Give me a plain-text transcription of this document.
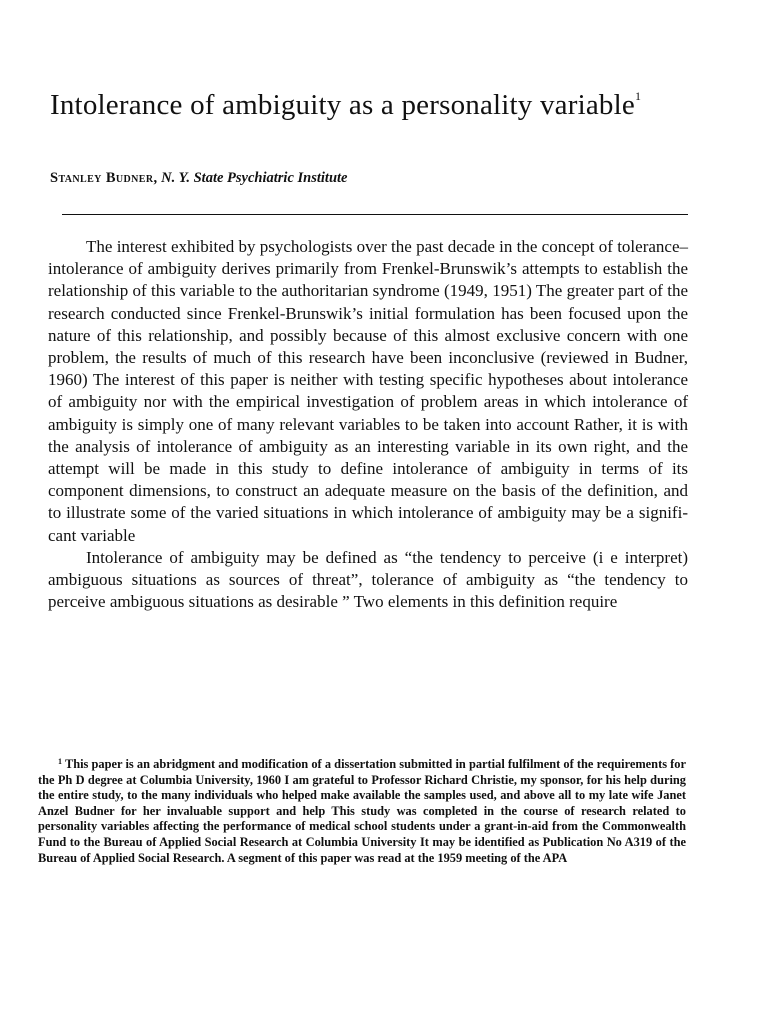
Intolerance of ambiguity as a personality variable$^1$
Stanley Budner, N. Y. State Psychiatric Institute

The interest exhibited by psychologists over the past decade in the concept of tolerance–intolerance of ambiguity derives primarily from Frenkel-Brunswik’s attempts to establish the relationship of this variable to the authoritarian syndrome (1949, 1951) The greater part of the research conducted since Frenkel-Brunswik’s initial formulation has been focused upon the nature of this relationship, and possibly because of this almost exclusive concern with one problem, the results of much of this research have been inconclusive (reviewed in Budner, 1960) The interest of this paper is neither with testing specific hypotheses about intolerance of ambiguity nor with the empirical investigation of problem areas in which intolerance of ambiguity is simply one of many relevant variables to be taken into account Rather, it is with the analysis of intolerance of ambiguity as an interesting variable in its own right, and the attempt will be made in this study to define intolerance of ambiguity in terms of its component dimensions, to construct an adequate measure on the basis of the definition, and to illustrate some of the varied situations in which intolerance of ambiguity may be a significant variable

Intolerance of ambiguity may be defined as “the tendency to perceive (i e interpret) ambiguous situations as sources of threat”, tolerance of ambiguity as “the tendency to perceive ambiguous situations as desirable ” Two elements in this definition require

$^1$ This paper is an abridgment and modification of a dissertation submitted in partial fulfilment of the requirements for the Ph D degree at Columbia University, 1960 I am grateful to Professor Richard Christie, my sponsor, for his help during the entire study, to the many individuals who helped make available the samples used, and above all to my late wife Janet Anzel Budner for her invaluable support and help This study was completed in the course of research related to personality variables affecting the performance of medical school students under a grant-in-aid from the Commonwealth Fund to the Bureau of Applied Social Research at Columbia University It may be identified as Publication No A319 of the Bureau of Applied Social Research. A segment of this paper was read at the 1959 meeting of the APA
